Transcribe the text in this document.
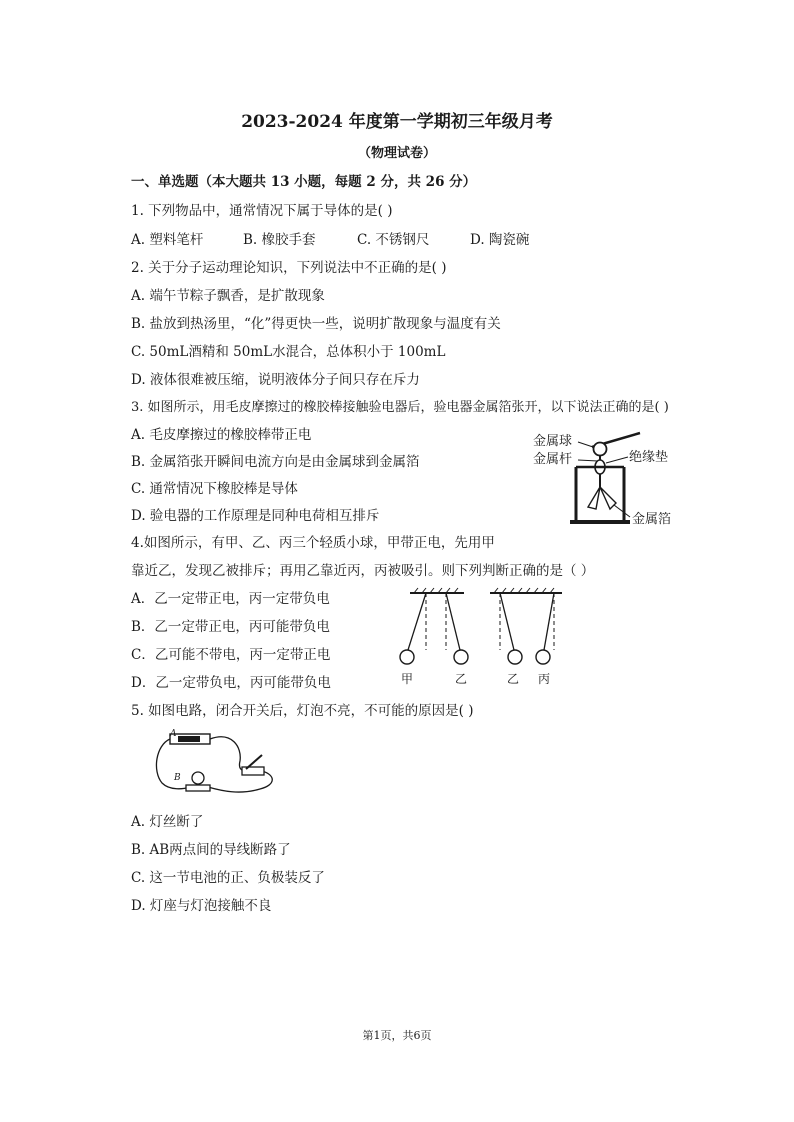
2023-2024 年度第一学期初三年级月考
（物理试卷）
一、单选题（本大题共 13 小题，每题 2 分，共 26 分）
1. 下列物品中，通常情况下属于导体的是( )
A. 塑料笔杆	B. 橡胶手套	C. 不锈钢尺	D. 陶瓷碗
2. 关于分子运动理论知识，下列说法中不正确的是( )
A. 端午节粽子飘香，是扩散现象
B. 盐放到热汤里，“化”得更快一些，说明扩散现象与温度有关
C. 50mL酒精和 50mL水混合，总体积小于 100mL
D. 液体很难被压缩，说明液体分子间只存在斥力
3. 如图所示，用毛皮摩擦过的橡胶棒接触验电器后，验电器金属箔张开，以下说法正确的是( )
A. 毛皮摩擦过的橡胶棒带正电
B. 金属箔张开瞬间电流方向是由金属球到金属箔
C. 通常情况下橡胶棒是导体
D. 验电器的工作原理是同种电荷相互排斥
金属球
金属杆	绝缘垫
金属箔
4.如图所示，有甲、乙、丙三个轻质小球，甲带正电，先用甲
靠近乙，发现乙被排斥；再用乙靠近丙，丙被吸引。则下列判断正确的是（ ）
A．乙一定带正电，丙一定带负电
B．乙一定带正电，丙可能带负电
C．乙可能不带电，丙一定带正电
D．乙一定带负电，丙可能带负电	甲	乙	乙 丙
5. 如图电路，闭合开关后，灯泡不亮，不可能的原因是( )
A
B
A. 灯丝断了
B. AB两点间的导线断路了
C. 这一节电池的正、负极装反了
D. 灯座与灯泡接触不良
第1页，共6页
